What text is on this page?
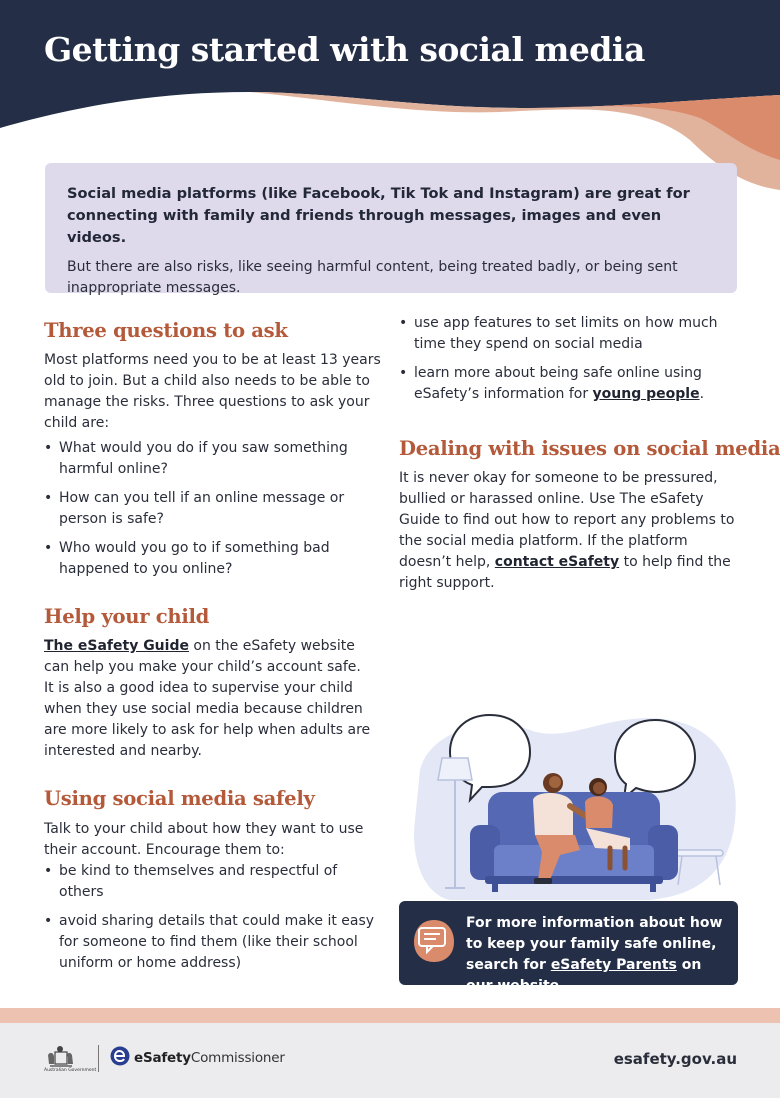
Getting started with social media

Social media platforms (like Facebook, Tik Tok and Instagram) are great for connecting with family and friends through messages, images and even videos.

But there are also risks, like seeing harmful content, being treated badly, or being sent inappropriate messages.

Three questions to ask

Most platforms need you to be at least 13 years old to join. But a child also needs to be able to manage the risks. Three questions to ask your child are:

• What would you do if you saw something harmful online?
• How can you tell if an online message or person is safe?
• Who would you go to if something bad happened to you online?
Help your child

The eSafety Guide on the eSafety website can help you make your child’s account safe.
It is also a good idea to supervise your child when they use social media because children are more likely to ask for help when adults are interested and nearby.

Using social media safely

Talk to your child about how they want to use their account. Encourage them to:

• be kind to themselves and respectful of others
• avoid sharing details that could make it easy for someone to find them (like their school uniform or home address)
• use app features to set limits on how much time they spend on social media
• learn more about being safe online using eSafety’s information for young people.
Dealing with issues on social media

It is never okay for someone to be pressured, bullied or harassed online. Use The eSafety Guide to find out how to report any problems to the social media platform. If the platform doesn’t help, contact eSafety to help find the right support.

For more information about how to keep your family safe online, search for eSafety Parents on our website.

Australian Government
eSafetyCommissioner	esafety.gov.au
